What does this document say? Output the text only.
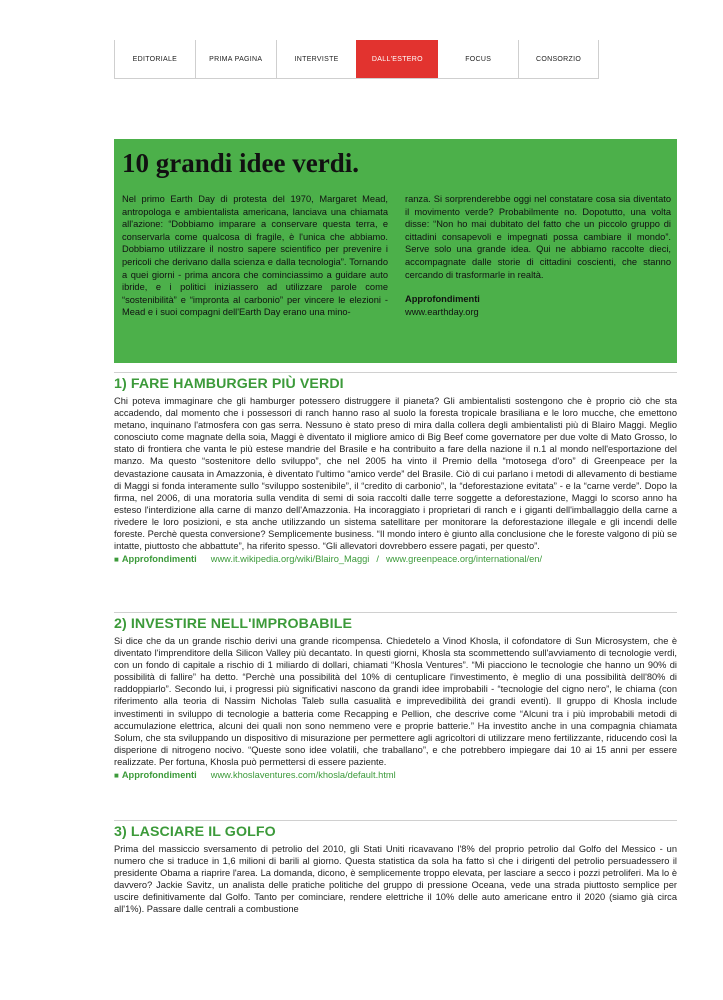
EDITORIALE	PRIMA PAGINA	INTERVISTE	DALL'ESTERO	FOCUS	CONSORZIO
10 grandi idee verdi.
Nel primo Earth Day di protesta del 1970, Margaret Mead, antropologa e ambientalista americana, lanciava una chiamata all'azione: “Dobbiamo imparare a conservare questa terra, e conservarla come qualcosa di fragile, è l'unica che abbiamo. Dobbiamo utilizzare il nostro sapere scientifico per prevenire i pericoli che derivano dalla scienza e dalla tecnologia”. Tornando a quei giorni - prima ancora che cominciassimo a guidare auto ibride, e i politici iniziassero ad utilizzare parole come “sostenibilità” e “impronta al carbonio” per vincere le elezioni - Mead e i suoi compagni dell'Earth Day erano una mino-
ranza. Si sorprenderebbe oggi nel constatare cosa sia diventato il movimento verde? Probabilmente no. Dopotutto, una volta disse: “Non ho mai dubitato del fatto che un piccolo gruppo di cittadini consapevoli e impegnati possa cambiare il mondo”. Serve solo una grande idea. Qui ne abbiamo raccolte dieci, accompagnate dalle storie di cittadini coscienti, che stanno cercando di trasformarle in realtà.
Approfondimenti
www.earthday.org
1) FARE HAMBURGER PIÙ VERDI

Chi poteva immaginare che gli hamburger potessero distruggere il pianeta? Gli ambientalisti sostengono che è proprio ciò che sta accadendo, dal momento che i possessori di ranch hanno raso al suolo la foresta tropicale brasiliana e le loro mucche, che emettono metano, inquinano l'atmosfera con gas serra. Nessuno è stato preso di mira dalla collera degli ambientalisti più di Blairo Maggi. Meglio conosciuto come magnate della soia, Maggi è diventato il migliore amico di Big Beef come governatore per due volte di Mato Grosso, lo stato di frontiera che vanta le più estese mandrie del Brasile e ha contribuito a fare della nazione il n.1 al mondo nell'esportazione del manzo. Ma questo “sostenitore dello sviluppo”, che nel 2005 ha vinto il Premio della “motosega d'oro” di Greenpeace per la devastazione causata in Amazzonia, è diventato l'ultimo “amico verde” del Brasile. Ciò di cui parlano i metodi di allevamento di bestiame di Maggi si fonda interamente sullo “sviluppo sostenibile”, il “credito di carbonio”, la “deforestazione evitata” - e la “carne verde”. Dopo la firma, nel 2006, di una moratoria sulla vendita di semi di soia raccolti dalle terre soggette a deforestazione, Maggi lo scorso anno ha esteso l'interdizione alla carne di manzo dell'Amazzonia. Ha incoraggiato i proprietari di ranch e i giganti dell'imballaggio della carne a rivedere le loro posizioni, e sta anche utilizzando un sistema satellitare per monitorare la deforestazione illegale e gli incendi delle foreste. Perchè questa conversione? Semplicemente business. “Il mondo intero è giunto alla conclusione che le foreste valgono di più se intatte, piuttosto che abbattute”, ha riferito spesso. “Gli allevatori dovrebbero essere pagati, per questo”.

■ Approfondimenti www.it.wikipedia.org/wiki/Blairo_Maggi / www.greenpeace.org/international/en/
2) INVESTIRE NELL'IMPROBABILE

Si dice che da un grande rischio derivi una grande ricompensa. Chiedetelo a Vinod Khosla, il cofondatore di Sun Microsystem, che è diventato l'imprenditore della Silicon Valley più decantato. In questi giorni, Khosla sta scommettendo sull'avviamento di tecnologie verdi, con un fondo di capitale a rischio di 1 miliardo di dollari, chiamati “Khosla Ventures”. “Mi piacciono le tecnologie che hanno un 90% di possibilità di fallire” ha detto. “Perchè una possibilità del 10% di centuplicare l'investimento, è meglio di una possibilità dell'80% di raddoppiarlo”. Secondo lui, i progressi più significativi nascono da grandi idee improbabili - “tecnologie del cigno nero”, le chiama (con riferimento alla teoria di Nassim Nicholas Taleb sulla casualità e imprevedibilità dei grandi eventi). Il gruppo di Khosla include investimenti in sviluppo di tecnologie a batteria come Recapping e Pellion, che descrive come “Alcuni tra i più improbabili metodi di accumulazione elettrica, alcuni dei quali non sono nemmeno vere e proprie batterie.” Ha investito anche in una compagnia chiamata Solum, che sta sviluppando un dispositivo di misurazione per permettere agli agricoltori di utilizzare meno fertilizzante, riducendo così la disperione di nitrogeno nocivo. “Queste sono idee volatili, che traballano”, e che potrebbero impiegare dai 10 ai 15 anni per essere realizzate. Per fortuna, Khosla può permettersi di essere paziente.

■ Approfondimenti www.khoslaventures.com/khosla/default.html
3) LASCIARE IL GOLFO

Prima del massiccio sversamento di petrolio del 2010, gli Stati Uniti ricavavano l'8% del proprio petrolio dal Golfo del Messico - un numero che si traduce in 1,6 milioni di barili al giorno. Questa statistica da sola ha fatto sì che i dirigenti del petrolio persuadessero il presidente Obama a riaprire l'area. La domanda, dicono, è semplicemente troppo elevata, per lasciare a secco i pozzi petroliferi. Ma lo è davvero? Jackie Savitz, un analista delle pratiche politiche del gruppo di pressione Oceana, vede una strada piuttosto semplice per uscire definitivamente dal Golfo. Tanto per cominciare, rendere elettriche il 10% delle auto americane entro il 2020 (siamo già circa all'1%). Passare dalle centrali a combustione
